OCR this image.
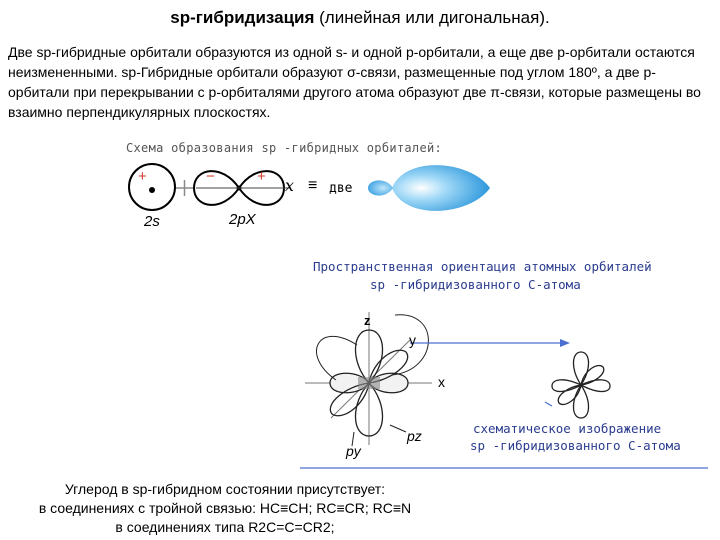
sp-гибридизация (линейная или дигональная).
Две sp-гибридные орбитали образуются из одной s- и одной p-орбитали, а еще две p-орбитали остаются неизмененными. sp-Гибридные орбитали образуют σ-связи, размещенные под углом 180º, а две p-орбитали при перекрывании с p-орбиталями другого атома образуют две π-связи, которые размещены во взаимно перпендикулярных плоскостях.
Схема образования sp -гибридных орбиталей:
+	−	+ x ≡ две
2s	2pX
Пространственная ориентация атомных орбиталей
sp -гибридизованного C-атома
z
y
x
py
pz	схематическое изображение
sp -гибридизованного C-атома
Углерод в sp-гибридном состоянии присутствует:
в соединениях с тройной связью: HC≡CH; RC≡CR; RC≡N
в соединениях типа R2C=C=CR2;
